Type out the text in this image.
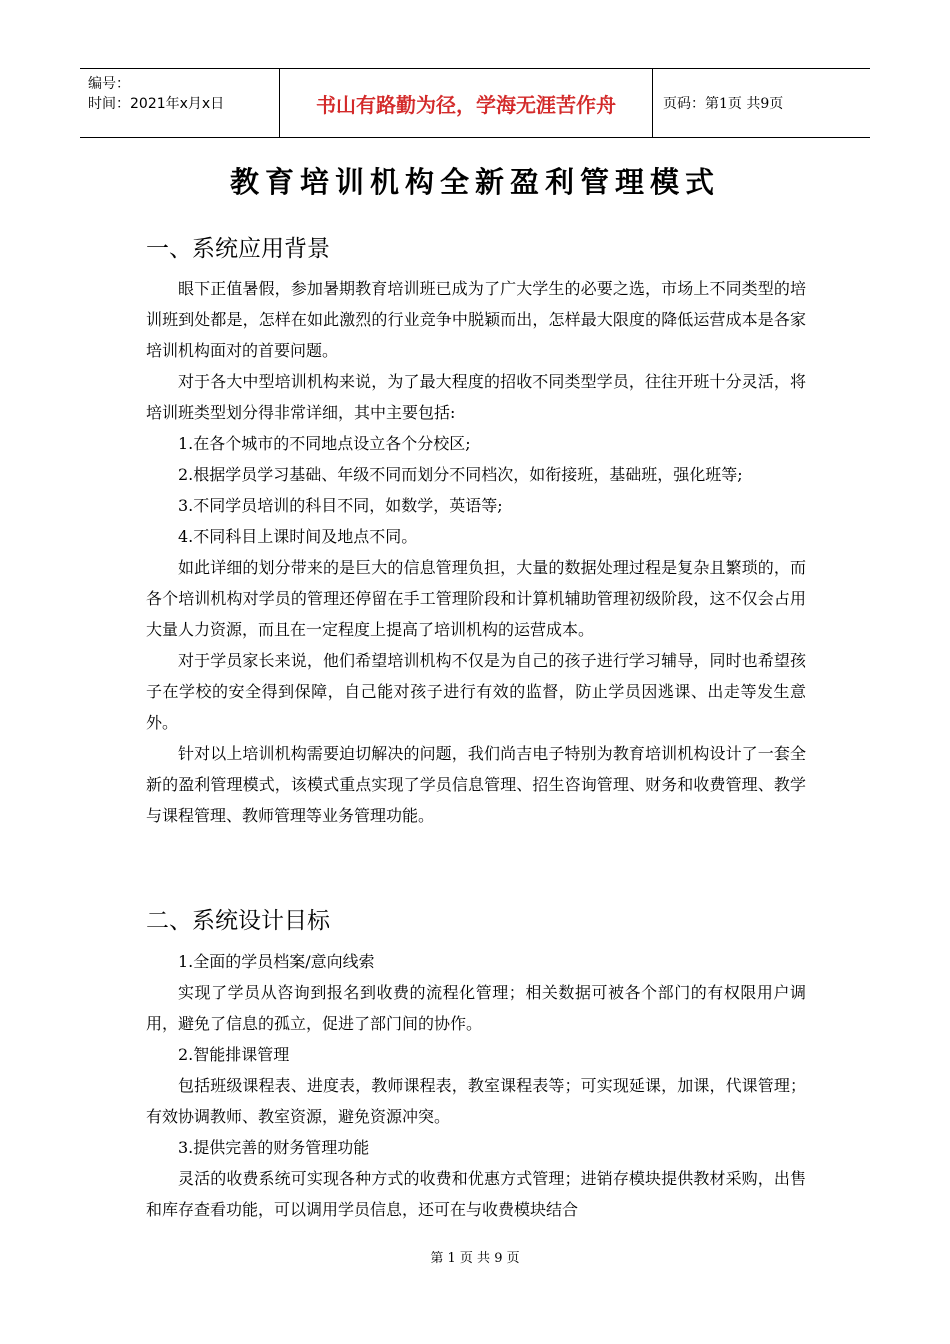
编号：
时间：2021年x月x日	书山有路勤为径，学海无涯苦作舟	页码：第1页 共9页
教育培训机构全新盈利管理模式
一、系统应用背景

眼下正值暑假，参加暑期教育培训班已成为了广大学生的必要之选，市场上不同类型的培训班到处都是，怎样在如此激烈的行业竞争中脱颖而出，怎样最大限度的降低运营成本是各家培训机构面对的首要问题。

对于各大中型培训机构来说，为了最大程度的招收不同类型学员，往往开班十分灵活，将培训班类型划分得非常详细，其中主要包括:

1.在各个城市的不同地点设立各个分校区;

2.根据学员学习基础、年级不同而划分不同档次，如衔接班，基础班，强化班等;

3.不同学员培训的科目不同，如数学，英语等;

4.不同科目上课时间及地点不同。

如此详细的划分带来的是巨大的信息管理负担，大量的数据处理过程是复杂且繁琐的，而各个培训机构对学员的管理还停留在手工管理阶段和计算机辅助管理初级阶段，这不仅会占用大量人力资源，而且在一定程度上提高了培训机构的运营成本。

对于学员家长来说，他们希望培训机构不仅是为自己的孩子进行学习辅导，同时也希望孩子在学校的安全得到保障，自己能对孩子进行有效的监督，防止学员因逃课、出走等发生意外。

针对以上培训机构需要迫切解决的问题，我们尚吉电子特别为教育培训机构设计了一套全新的盈利管理模式，该模式重点实现了学员信息管理、招生咨询管理、财务和收费管理、教学与课程管理、教师管理等业务管理功能。

二、系统设计目标

1.全面的学员档案/意向线索

实现了学员从咨询到报名到收费的流程化管理；相关数据可被各个部门的有权限用户调用，避免了信息的孤立，促进了部门间的协作。

2.智能排课管理

包括班级课程表、进度表，教师课程表，教室课程表等；可实现延课，加课，代课管理；有效协调教师、教室资源，避免资源冲突。

3.提供完善的财务管理功能

灵活的收费系统可实现各种方式的收费和优惠方式管理；进销存模块提供教材采购，出售和库存查看功能，可以调用学员信息，还可在与收费模块结合

第 1 页 共 9 页
